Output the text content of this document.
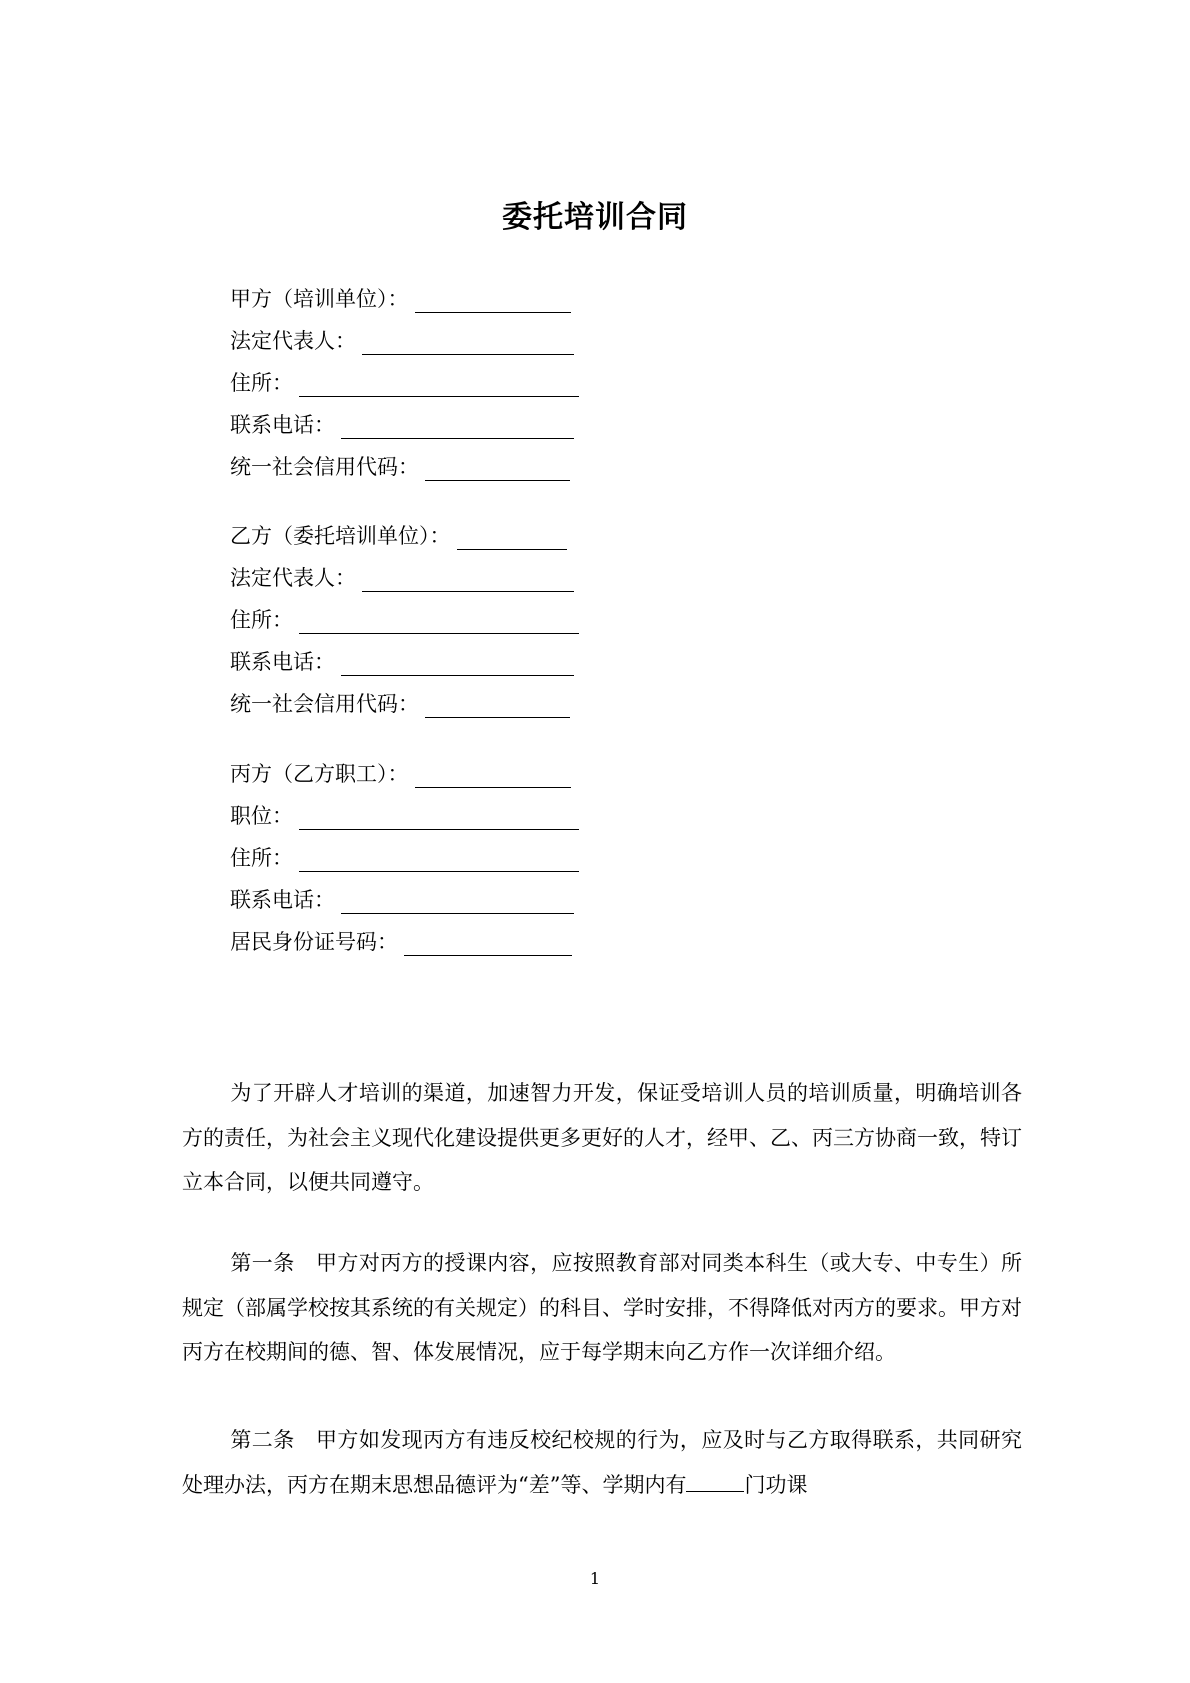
委托培训合同
甲方（培训单位）：
法定代表人：
住所：
联系电话：
统一社会信用代码：
乙方（委托培训单位）：
法定代表人：
住所：
联系电话：
统一社会信用代码：
丙方（乙方职工）：
职位：
住所：
联系电话：
居民身份证号码：
为了开辟人才培训的渠道，加速智力开发，保证受培训人员的培训质量，明确培训各方的责任，为社会主义现代化建设提供更多更好的人才，经甲、乙、丙三方协商一致，特订立本合同，以便共同遵守。
第一条　甲方对丙方的授课内容，应按照教育部对同类本科生（或大专、中专生）所规定（部属学校按其系统的有关规定）的科目、学时安排，不得降低对丙方的要求。甲方对丙方在校期间的德、智、体发展情况，应于每学期末向乙方作一次详细介绍。
第二条　甲方如发现丙方有违反校纪校规的行为，应及时与乙方取得联系，共同研究处理办法，丙方在期末思想品德评为“差”等、学期内有	门功课
1
